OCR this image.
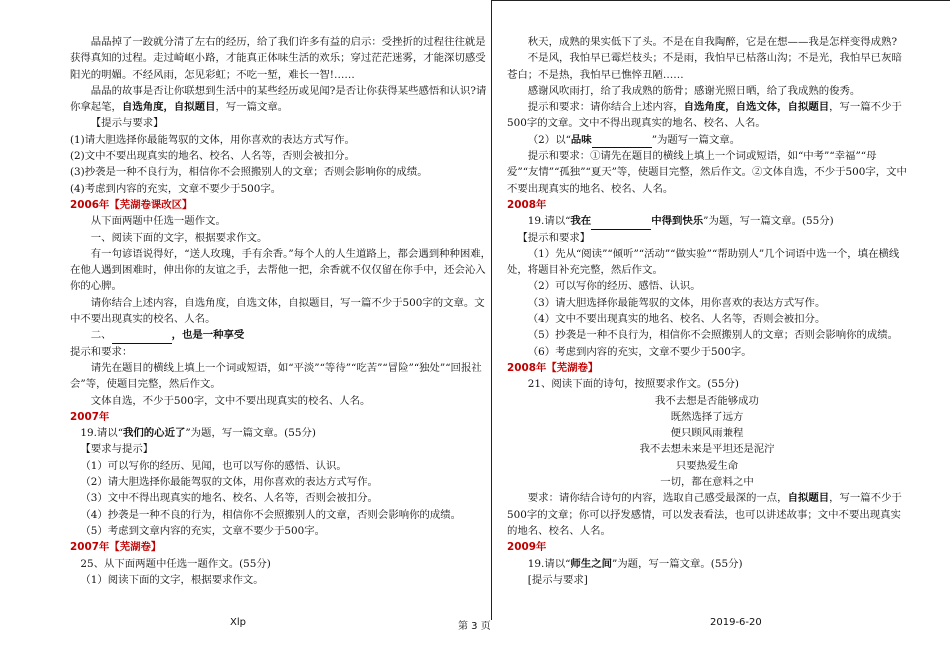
晶晶掉了一跤就分清了左右的经历，给了我们许多有益的启示：受挫折的过程往往就是获得真知的过程。走过崎岖小路，才能真正体味生活的欢乐；穿过茫茫迷雾，才能深切感受阳光的明媚。不经风雨，怎见彩虹；不吃一堑，难长一智!……

晶晶的故事是否让你联想到生活中的某些经历或见闻?是否让你获得某些感悟和认识?请你拿起笔，自选角度，自拟题目，写一篇文章。

【提示与要求】

(1)请大胆选择你最能驾驭的文体，用你喜欢的表达方式写作。

(2)文中不要出现真实的地名、校名、人名等，否则会被扣分。

(3)抄袭是一种不良行为，相信你不会照搬别人的文章；否则会影响你的成绩。

(4)考虑到内容的充实，文章不要少于500字。

2006年【芜湖卷课改区】

从下面两题中任选一题作文。

一、阅读下面的文字，根据要求作文。

有一句谚语说得好，“送人玫瑰，手有余香。”每个人的人生道路上，都会遇到种种困难，在他人遇到困难时，伸出你的友谊之手，去帮他一把，余香就不仅仅留在你手中，还会沁入你的心脾。

请你结合上述内容，自选角度，自选文体，自拟题目，写一篇不少于500字的文章。文中不要出现真实的校名、人名。

二、	，也是一种享受

提示和要求：

请先在题目的横线上填上一个词或短语，如“平淡”“等待”“吃苦”“冒险”“独处”“回报社会”等，使题目完整，然后作文。

文体自选，不少于500字，文中不要出现真实的校名、人名。

2007年

19.请以“我们的心近了”为题，写一篇文章。(55分)

【要求与提示】

（1）可以写你的经历、见闻，也可以写你的感悟、认识。

（2）请大胆选择你最能驾驭的文体，用你喜欢的表达方式写作。

（3）文中不得出现真实的地名、校名、人名等，否则会被扣分。

（4）抄袭是一种不良的行为，相信你不会照搬别人的文章，否则会影响你的成绩。

（5）考虑到文章内容的充实，文章不要少于500字。

2007年【芜湖卷】

25、从下面两题中任选一题作文。(55分)

（1）阅读下面的文字，根据要求作文。

秋天，成熟的果实低下了头。不是在自我陶醉，它是在想——我是怎样变得成熟?

不是风，我怕早已霉烂枝头；不是雨，我怕早已枯落山沟；不是光，我怕早已灰暗苍白；不是热，我怕早已憔悴丑陋……

感谢风吹雨打，给了我成熟的筋骨；感谢光照日晒，给了我成熟的俊秀。

提示和要求：请你结合上述内容，自选角度，自选文体，自拟题目，写一篇不少于500字的文章。文中不得出现真实的地名、校名、人名。

（2）以“品味	”为题写一篇文章。

提示和要求：①请先在题目的横线上填上一个词或短语，如“中考”“幸福”“母爱”“友情”“孤独”“夏天”等，使题目完整，然后作文。②文体自选，不少于500字，文中不要出现真实的地名、校名、人名。

2008年

19.请以“我在	中得到快乐”为题，写一篇文章。(55分)

【提示和要求】

（1）先从“阅读”“倾听”“活动”“做实验”“帮助别人”几个词语中选一个，填在横线处，将题目补充完整，然后作文。

（2）可以写你的经历、感悟、认识。

（3）请大胆选择你最能驾驭的文体，用你喜欢的表达方式写作。

（4）文中不要出现真实的地名、校名、人名等，否则会被扣分。

（5）抄袭是一种不良行为，相信你不会照搬别人的文章；否则会影响你的成绩。

（6）考虑到内容的充实，文章不要少于500字。

2008年【芜湖卷】

21、阅读下面的诗句，按照要求作文。(55分)

我不去想是否能够成功

既然选择了远方

便只顾风雨兼程

我不去想未来是平坦还是泥泞

只要热爱生命

一切，都在意料之中

要求：请你结合诗句的内容，选取自己感受最深的一点，自拟题目，写一篇不少于500字的文章；你可以抒发感情，可以发表看法，也可以讲述故事；文中不要出现真实的地名、校名、人名。

2009年

19.请以“师生之间”为题，写一篇文章。(55分)

[提示与要求]

Xlp	第 3 页	2019-6-20
